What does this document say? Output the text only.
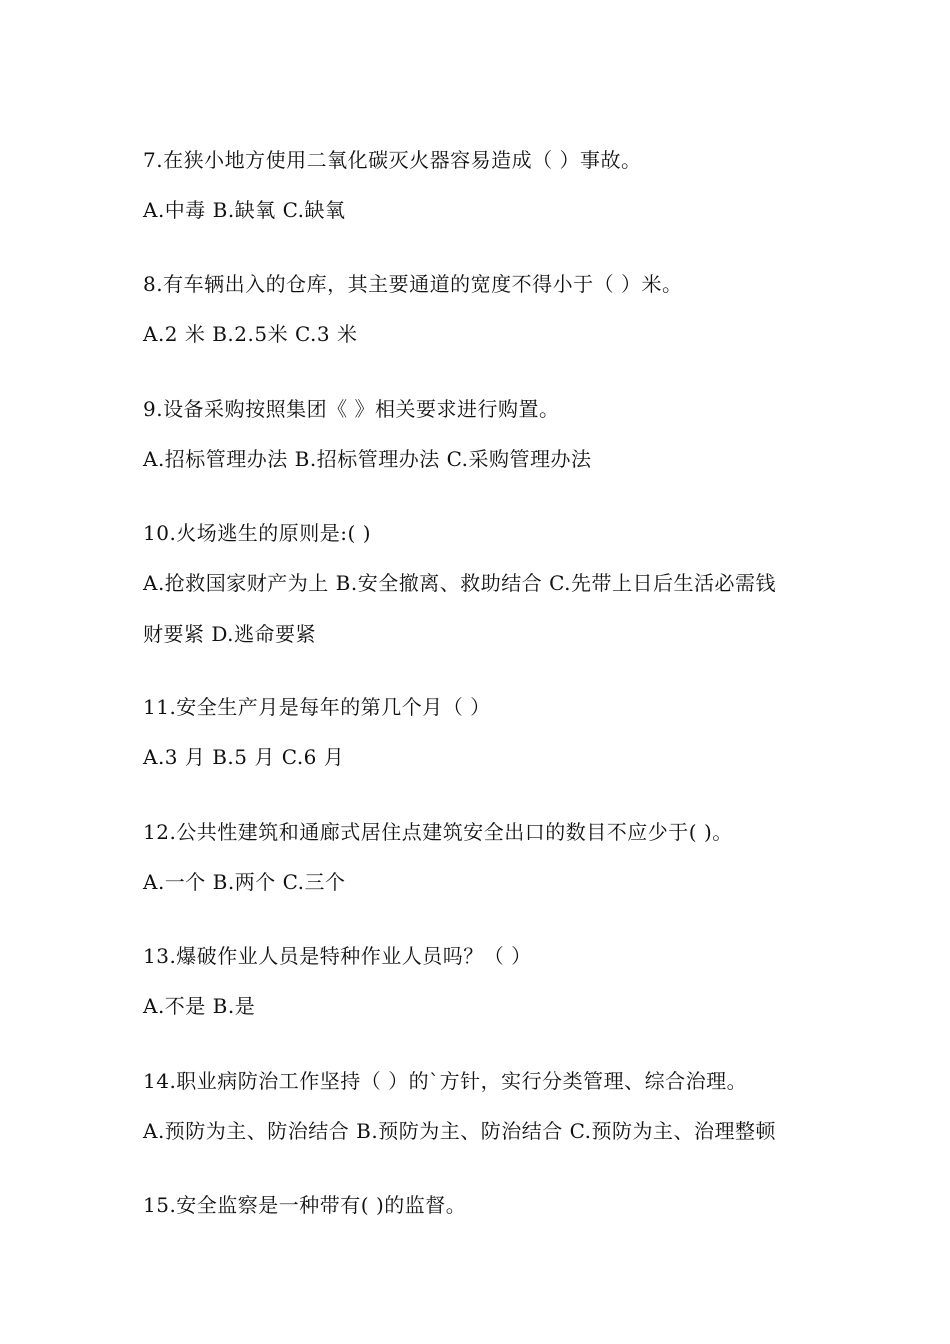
7.在狭小地方使用二氧化碳灭火器容易造成（ ）事故。
A.中毒 B.缺氧 C.缺氧
8.有车辆出入的仓库，其主要通道的宽度不得小于（ ）米。
A.2 米 B.2.5米 C.3 米
9.设备采购按照集团《 》相关要求进行购置。
A.招标管理办法 B.招标管理办法 C.采购管理办法
10.火场逃生的原则是:( )
A.抢救国家财产为上 B.安全撤离、救助结合 C.先带上日后生活必需钱
财要紧 D.逃命要紧
11.安全生产月是每年的第几个月（ ）
A.3 月 B.5 月 C.6 月
12.公共性建筑和通廊式居住点建筑安全出口的数目不应少于( )。
A.一个 B.两个 C.三个
13.爆破作业人员是特种作业人员吗？（ ）
A.不是 B.是
14.职业病防治工作坚持（ ）的`方针，实行分类管理、综合治理。
A.预防为主、防治结合 B.预防为主、防治结合 C.预防为主、治理整顿
15.安全监察是一种带有( )的监督。
